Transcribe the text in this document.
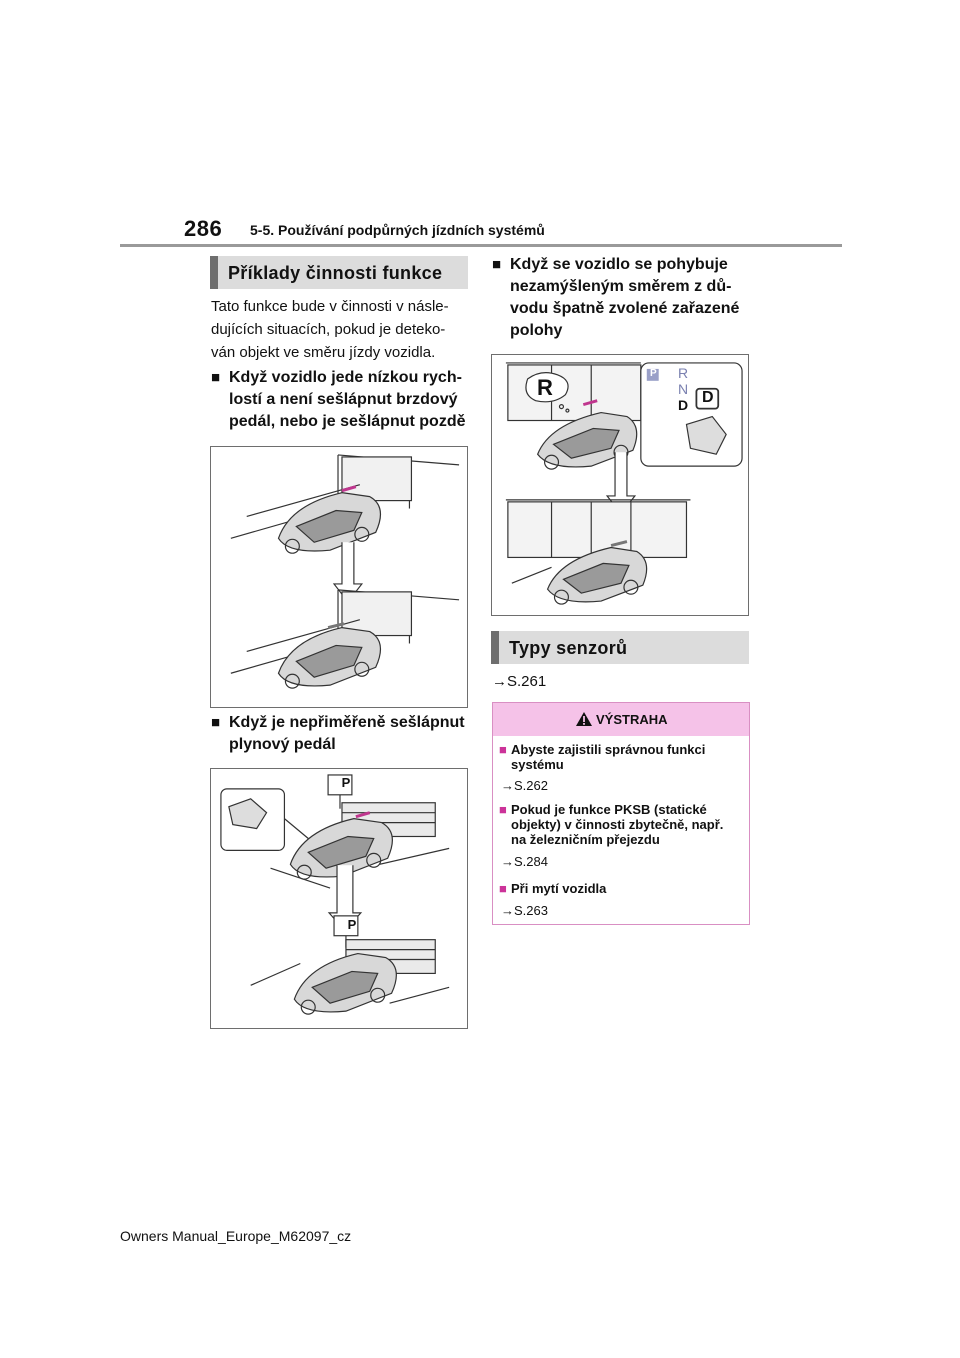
286 5-5. Používání podpůrných jízdních systémů
Příklady činnosti funkce
Tato funkce bude v činnosti v násle-
dujících situacích, pokud je deteko-
ván objekt ve směru jízdy vozidla.
■ Když vozidlo jede nízkou rych-
lostí a není sešlápnut brzdový
pedál, nebo je sešlápnut pozdě
■ Když je nepřiměřeně sešlápnut
plynový pedál
P
P
■ Když se vozidlo se pohybuje
nezamýšleným směrem z dů-
vodu špatně zvolené zařazené
polohy
R
P R
N
D D
Typy senzorů
→S.261
VÝSTRAHA
■ Abyste zajistili správnou funkci
systému
→S.262
■ Pokud je funkce PKSB (statické
objekty) v činnosti zbytečně, např.
na železničním přejezdu
→S.284
■ Při mytí vozidla
→S.263
Owners Manual_Europe_M62097_cz
